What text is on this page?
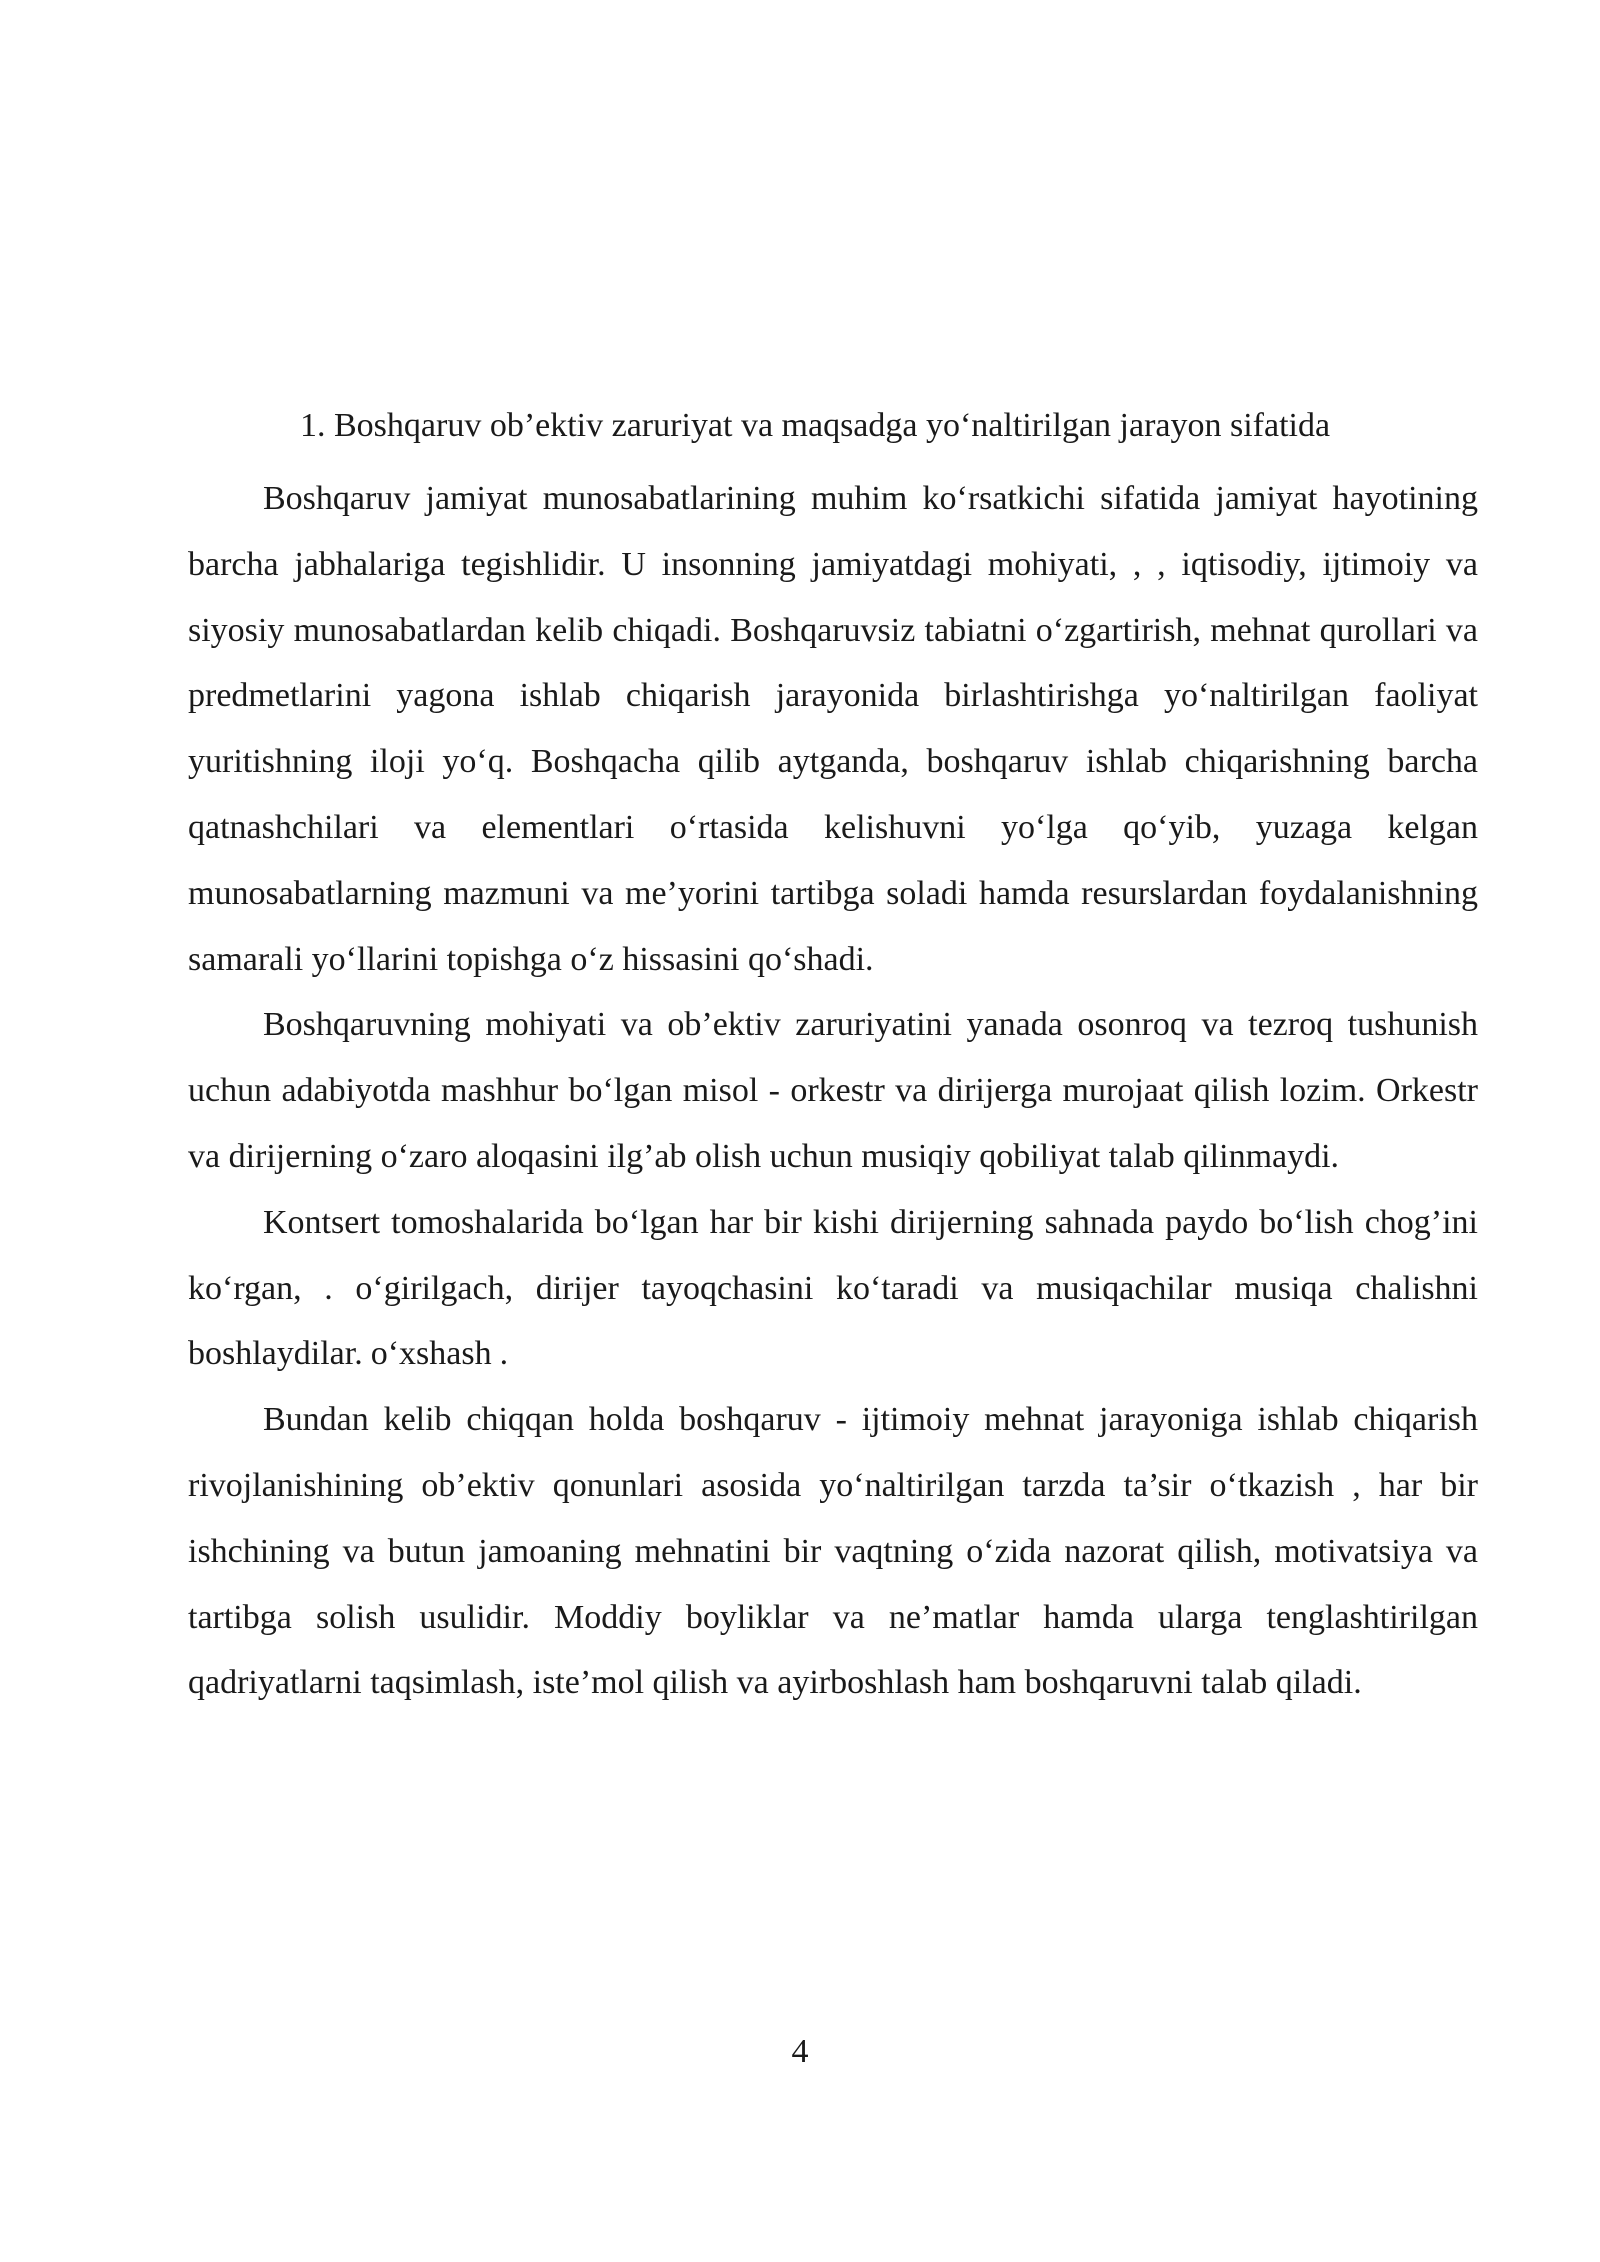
1. Boshqaruv ob’ektiv zaruriyat va maqsadga yo‘naltirilgan jarayon sifatida

Boshqaruv jamiyat munosabatlarining muhim ko‘rsatkichi sifatida jamiyat hayotining barcha jabhalariga tegishlidir. U insonning jamiyatdagi mohiyati, , , iqtisodiy, ijtimoiy va siyosiy munosabatlardan kelib chiqadi. Boshqaruvsiz tabiatni o‘zgartirish, mehnat qurollari va predmetlarini yagona ishlab chiqarish jarayonida birlashtirishga yo‘naltirilgan faoliyat yuritishning iloji yo‘q. Boshqacha qilib aytganda, boshqaruv ishlab chiqarishning barcha qatnashchilari va elementlari o‘rtasida kelishuvni yo‘lga qo‘yib, yuzaga kelgan munosabatlarning mazmuni va me’yorini tartibga soladi hamda resurslardan foydalanishning samarali yo‘llarini topishga o‘z hissasini qo‘shadi.

Boshqaruvning mohiyati va ob’ektiv zaruriyatini yanada osonroq va tezroq tushunish uchun adabiyotda mashhur bo‘lgan misol - orkestr va dirijerga murojaat qilish lozim. Orkestr va dirijerning o‘zaro aloqasini ilg’ab olish uchun musiqiy qobiliyat talab qilinmaydi.

Kontsert tomoshalarida bo‘lgan har bir kishi dirijerning sahnada paydo bo‘lish chog’ini ko‘rgan, . o‘girilgach, dirijer tayoqchasini ko‘taradi va musiqachilar musiqa chalishni boshlaydilar. o‘xshash .

Bundan kelib chiqqan holda boshqaruv - ijtimoiy mehnat jarayoniga ishlab chiqarish rivojlanishining ob’ektiv qonunlari asosida yo‘naltirilgan tarzda ta’sir o‘tkazish , har bir ishchining va butun jamoaning mehnatini bir vaqtning o‘zida nazorat qilish, motivatsiya va tartibga solish usulidir. Moddiy boyliklar va ne’matlar hamda ularga tenglashtirilgan qadriyatlarni taqsimlash, iste’mol qilish va ayirboshlash ham boshqaruvni talab qiladi.

4
